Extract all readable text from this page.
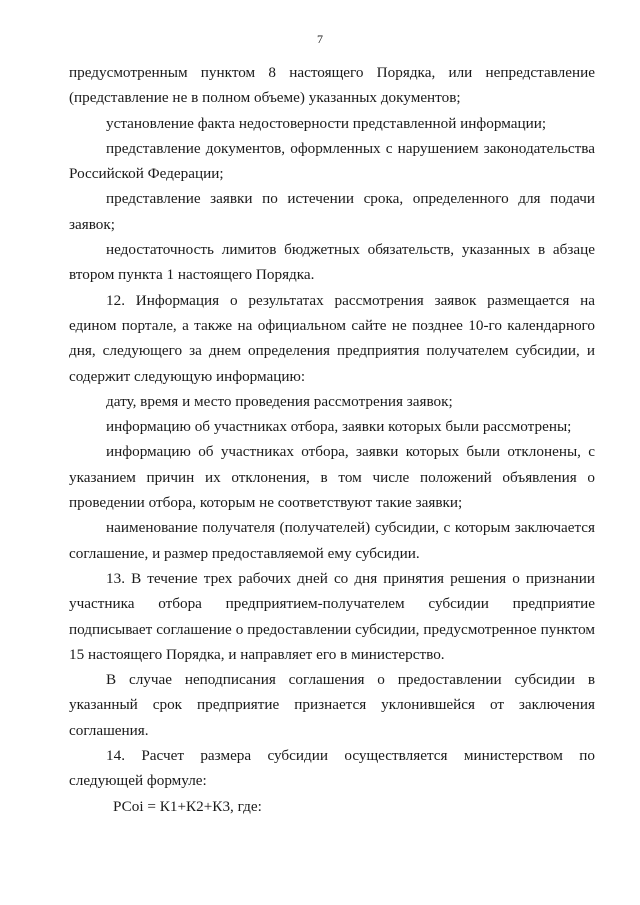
7

предусмотренным пунктом 8 настоящего Порядка, или непредставление (представление не в полном объеме) указанных документов;

установление факта недостоверности представленной информации;

представление документов, оформленных с нарушением законодательства Российской Федерации;

представление заявки по истечении срока, определенного для подачи заявок;

недостаточность лимитов бюджетных обязательств, указанных в абзаце втором пункта 1 настоящего Порядка.

12. Информация о результатах рассмотрения заявок размещается на едином портале, а также на официальном сайте не позднее 10-го календарного дня, следующего за днем определения предприятия получателем субсидии, и содержит следующую информацию:

дату, время и место проведения рассмотрения заявок;

информацию об участниках отбора, заявки которых были рассмотрены;

информацию об участниках отбора, заявки которых были отклонены, с указанием причин их отклонения, в том числе положений объявления о проведении отбора, которым не соответствуют такие заявки;

наименование получателя (получателей) субсидии, с которым заключается соглашение, и размер предоставляемой ему субсидии.

13. В течение трех рабочих дней со дня принятия решения о признании участника отбора предприятием-получателем субсидии предприятие подписывает соглашение о предоставлении субсидии, предусмотренное пунктом 15 настоящего Порядка, и направляет его в министерство.

В случае неподписания соглашения о предоставлении субсидии в указанный срок предприятие признается уклонившейся от заключения соглашения.

14. Расчет размера субсидии осуществляется министерством по следующей формуле:

РСоi = К1+К2+К3, где:
